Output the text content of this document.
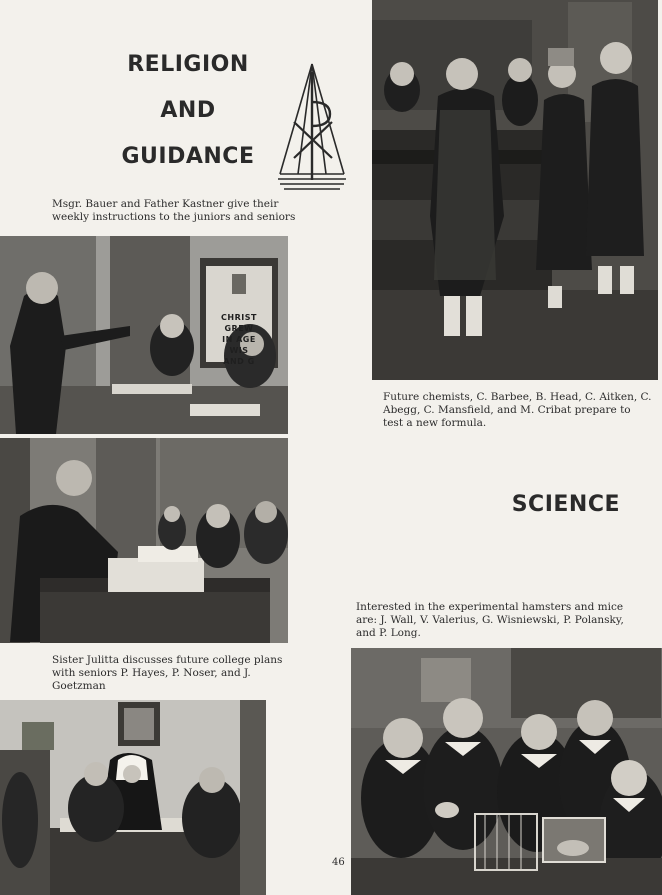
RELIGION
AND
GUIDANCE
Msgr. Bauer and Father Kastner give their weekly instructions to the juniors and seniors
CHRIST GREW
IN AGE
WIS
AND G
Sister Julitta discusses future college plans with seniors P. Hayes, P. Noser, and J. Goetzman
46
Future chemists, C. Barbee, B. Head, C. Aitken, C. Abegg, C. Mansfield, and M. Cribat prepare to test a new formula.
SCIENCE
Interested in the experimental hamsters and mice are: J. Wall, V. Valerius, G. Wisniewski, P. Polansky, and P. Long.
